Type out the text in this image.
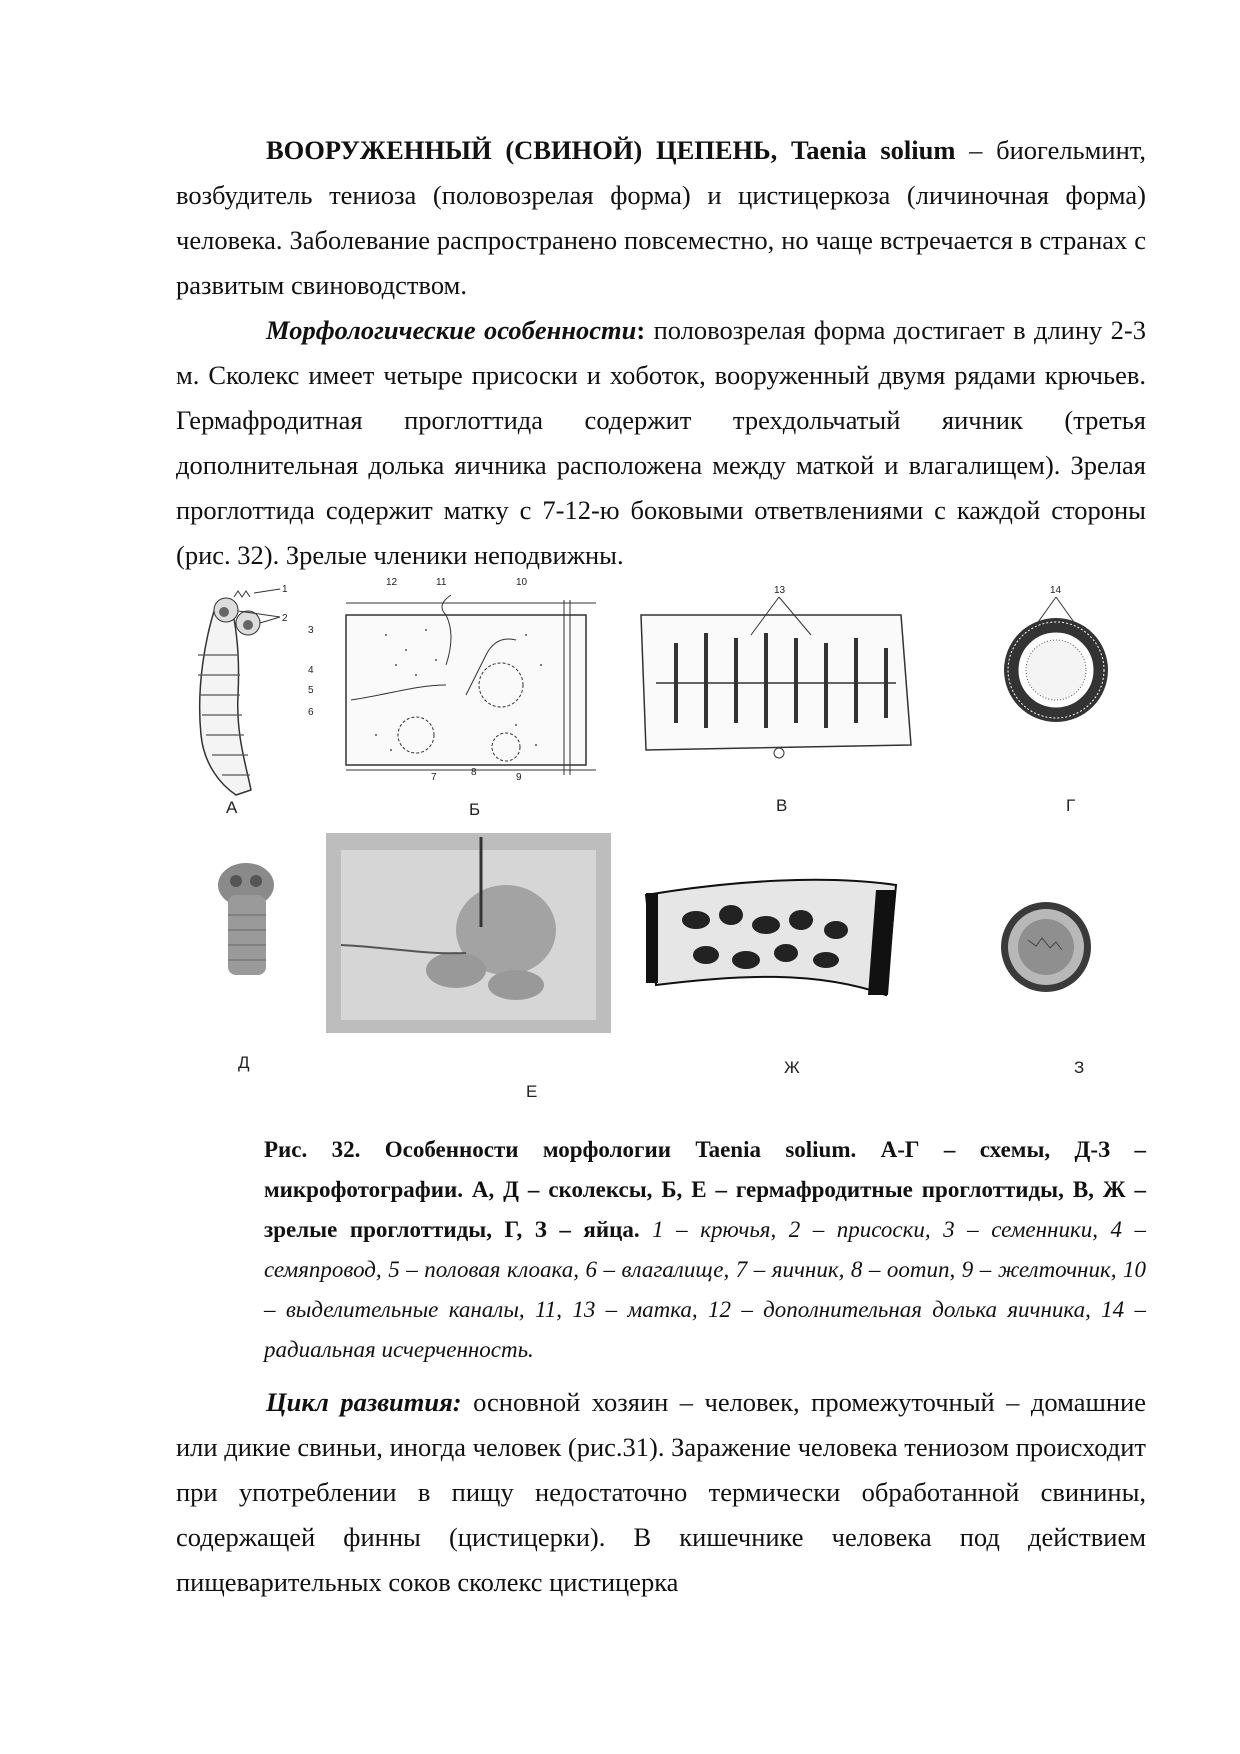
ВООРУЖЕННЫЙ (СВИНОЙ) ЦЕПЕНЬ, Taenia solium – биогельминт, возбудитель тениоза (половозрелая форма) и цистицеркоза (личиночная форма) человека. Заболевание распространено повсеместно, но чаще встречается в странах с развитым свиноводством.

Морфологические особенности: половозрелая форма достигает в длину 2-3 м. Сколекс имеет четыре присоски и хоботок, вооруженный двумя рядами крючьев. Гермафродитная проглоттида содержит трехдольчатый яичник (третья дополнительная долька яичника расположена между маткой и влагалищем). Зрелая проглоттида содержит матку с 7-12-ю боковыми ответвлениями с каждой стороны (рис. 32). Зрелые членики неподвижны.

1
2
А
10
12	11
3
4
5
6
7	8	9
Б
13
В
14
Г
Д
Е
Ж	З

Рис. 32. Особенности морфологии Taenia solium. А-Г – схемы, Д-З – микрофотографии. А, Д – сколексы, Б, Е – гермафродитные проглоттиды, В, Ж – зрелые проглоттиды, Г, З – яйца. 1 – крючья, 2 – присоски, 3 – семенники, 4 – семяпровод, 5 – половая клоака, 6 – влагалище, 7 – яичник, 8 – оотип, 9 – желточник, 10 – выделительные каналы, 11, 13 – матка, 12 – дополнительная долька яичника, 14 – радиальная исчерченность.

Цикл развития: основной хозяин – человек, промежуточный – домашние или дикие свиньи, иногда человек (рис.31). Заражение человека тениозом происходит при употреблении в пищу недостаточно термически обработанной свинины, содержащей финны (цистицерки). В кишечнике человека под действием пищеварительных соков сколекс цистицерка
